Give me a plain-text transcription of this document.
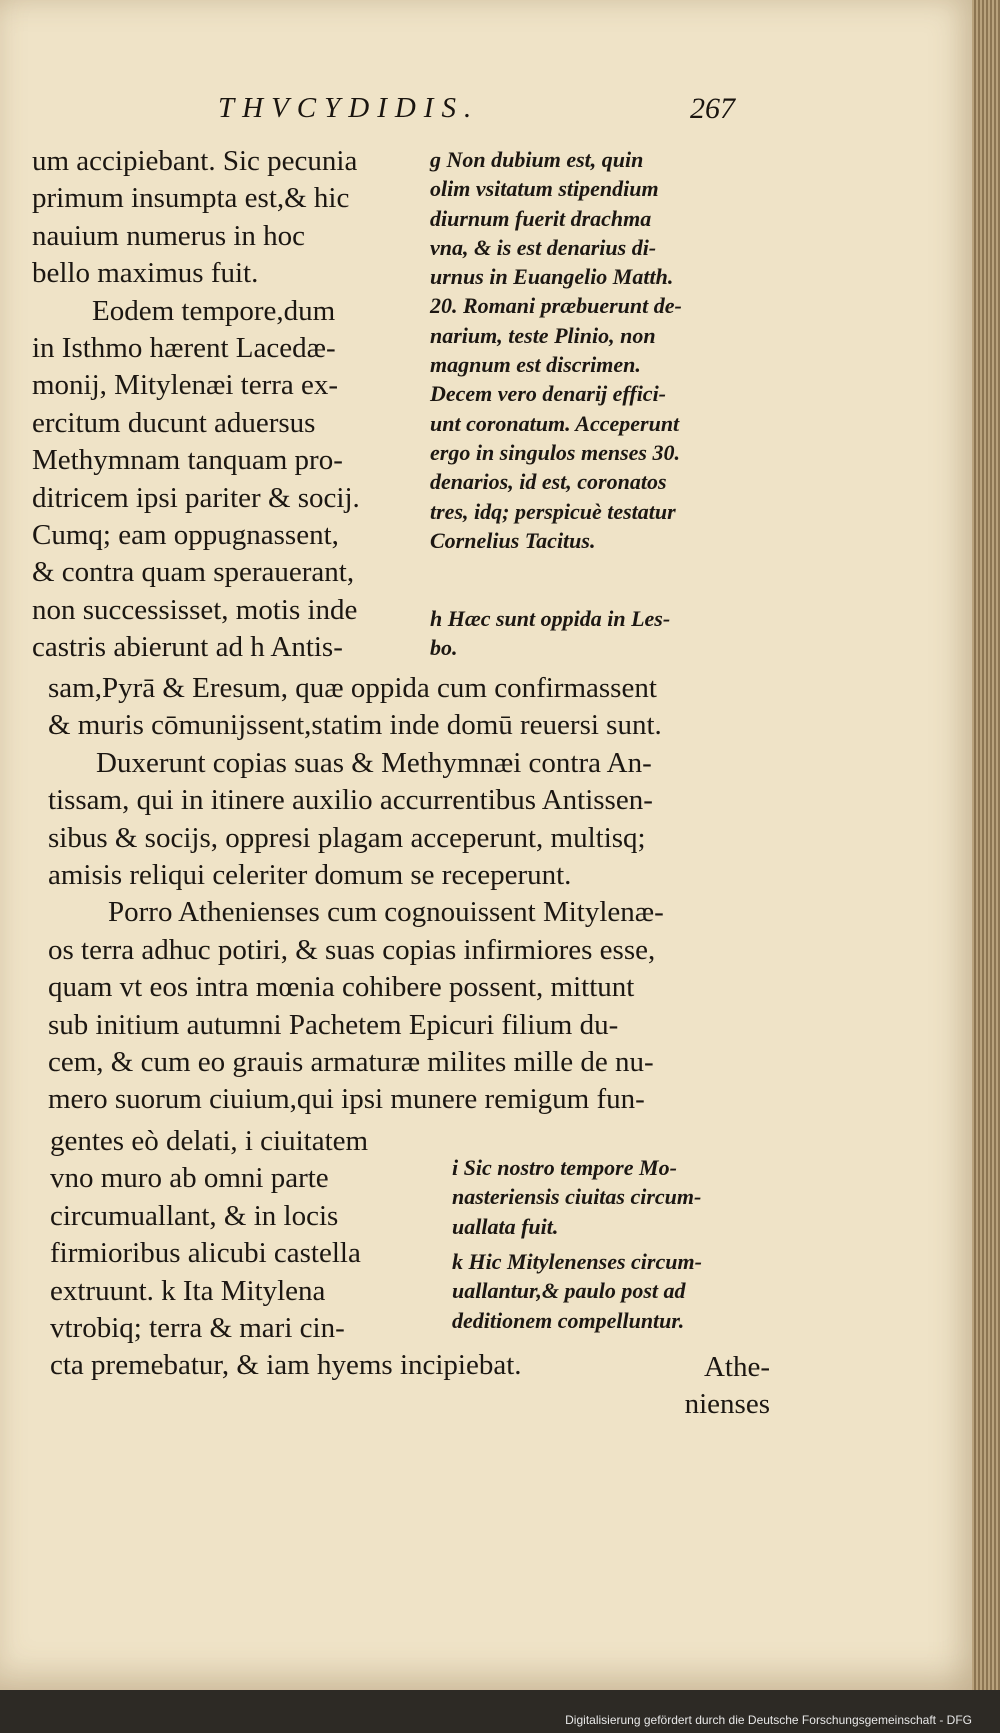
THVCYDIDIS.	267
um accipiebant. Sic pecunia
primum insumpta est,& hic
nauium numerus in hoc
bello maximus fuit.
Eodem tempore,dum
in Isthmo hærent Lacedæ-
monij, Mitylenæi terra ex-
ercitum ducunt aduersus
Methymnam tanquam pro-
ditricem ipsi pariter & socij.
Cumq; eam oppugnassent,
& contra quam sperauerant,
non successisset, motis inde
castris abierunt ad h Antis-
g Non dubium est, quin
olim vsitatum stipendium
diurnum fuerit drachma
vna, & is est denarius di-
urnus in Euangelio Matth.
20. Romani præbuerunt de-
narium, teste Plinio, non
magnum est discrimen.
Decem vero denarij effici-
unt coronatum. Acceperunt
ergo in singulos menses 30.
denarios, id est, coronatos
tres, idq; perspicuè testatur
Cornelius Tacitus.
h Hæc sunt oppida in Les-
bo.
sam,Pyrā & Eresum, quæ oppida cum confirmassent
& muris cōmunijssent,statim inde domū reuersi sunt.
Duxerunt copias suas & Methymnæi contra An-
tissam, qui in itinere auxilio accurrentibus Antissen-
sibus & socijs, oppresi plagam acceperunt, multisq;
amisis reliqui celeriter domum se receperunt.
Porro Athenienses cum cognouissent Mitylenæ-
os terra adhuc potiri, & suas copias infirmiores esse,
quam vt eos intra mœnia cohibere possent, mittunt
sub initium autumni Pachetem Epicuri filium du-
cem, & cum eo grauis armaturæ milites mille de nu-
mero suorum ciuium,qui ipsi munere remigum fun-
gentes eò delati, i ciuitatem
vno muro ab omni parte
circumuallant, & in locis
firmioribus alicubi castella
extruunt. k Ita Mitylena
vtrobiq; terra & mari cin-
cta premebatur, & iam hyems incipiebat.
i Sic nostro tempore Mo-
nasteriensis ciuitas circum-
uallata fuit.
k Hic Mitylenenses circum-
uallantur,& paulo post ad
deditionem compelluntur.
Athe-
nienses
Digitalisierung gefördert durch die Deutsche Forschungsgemeinschaft - DFG
